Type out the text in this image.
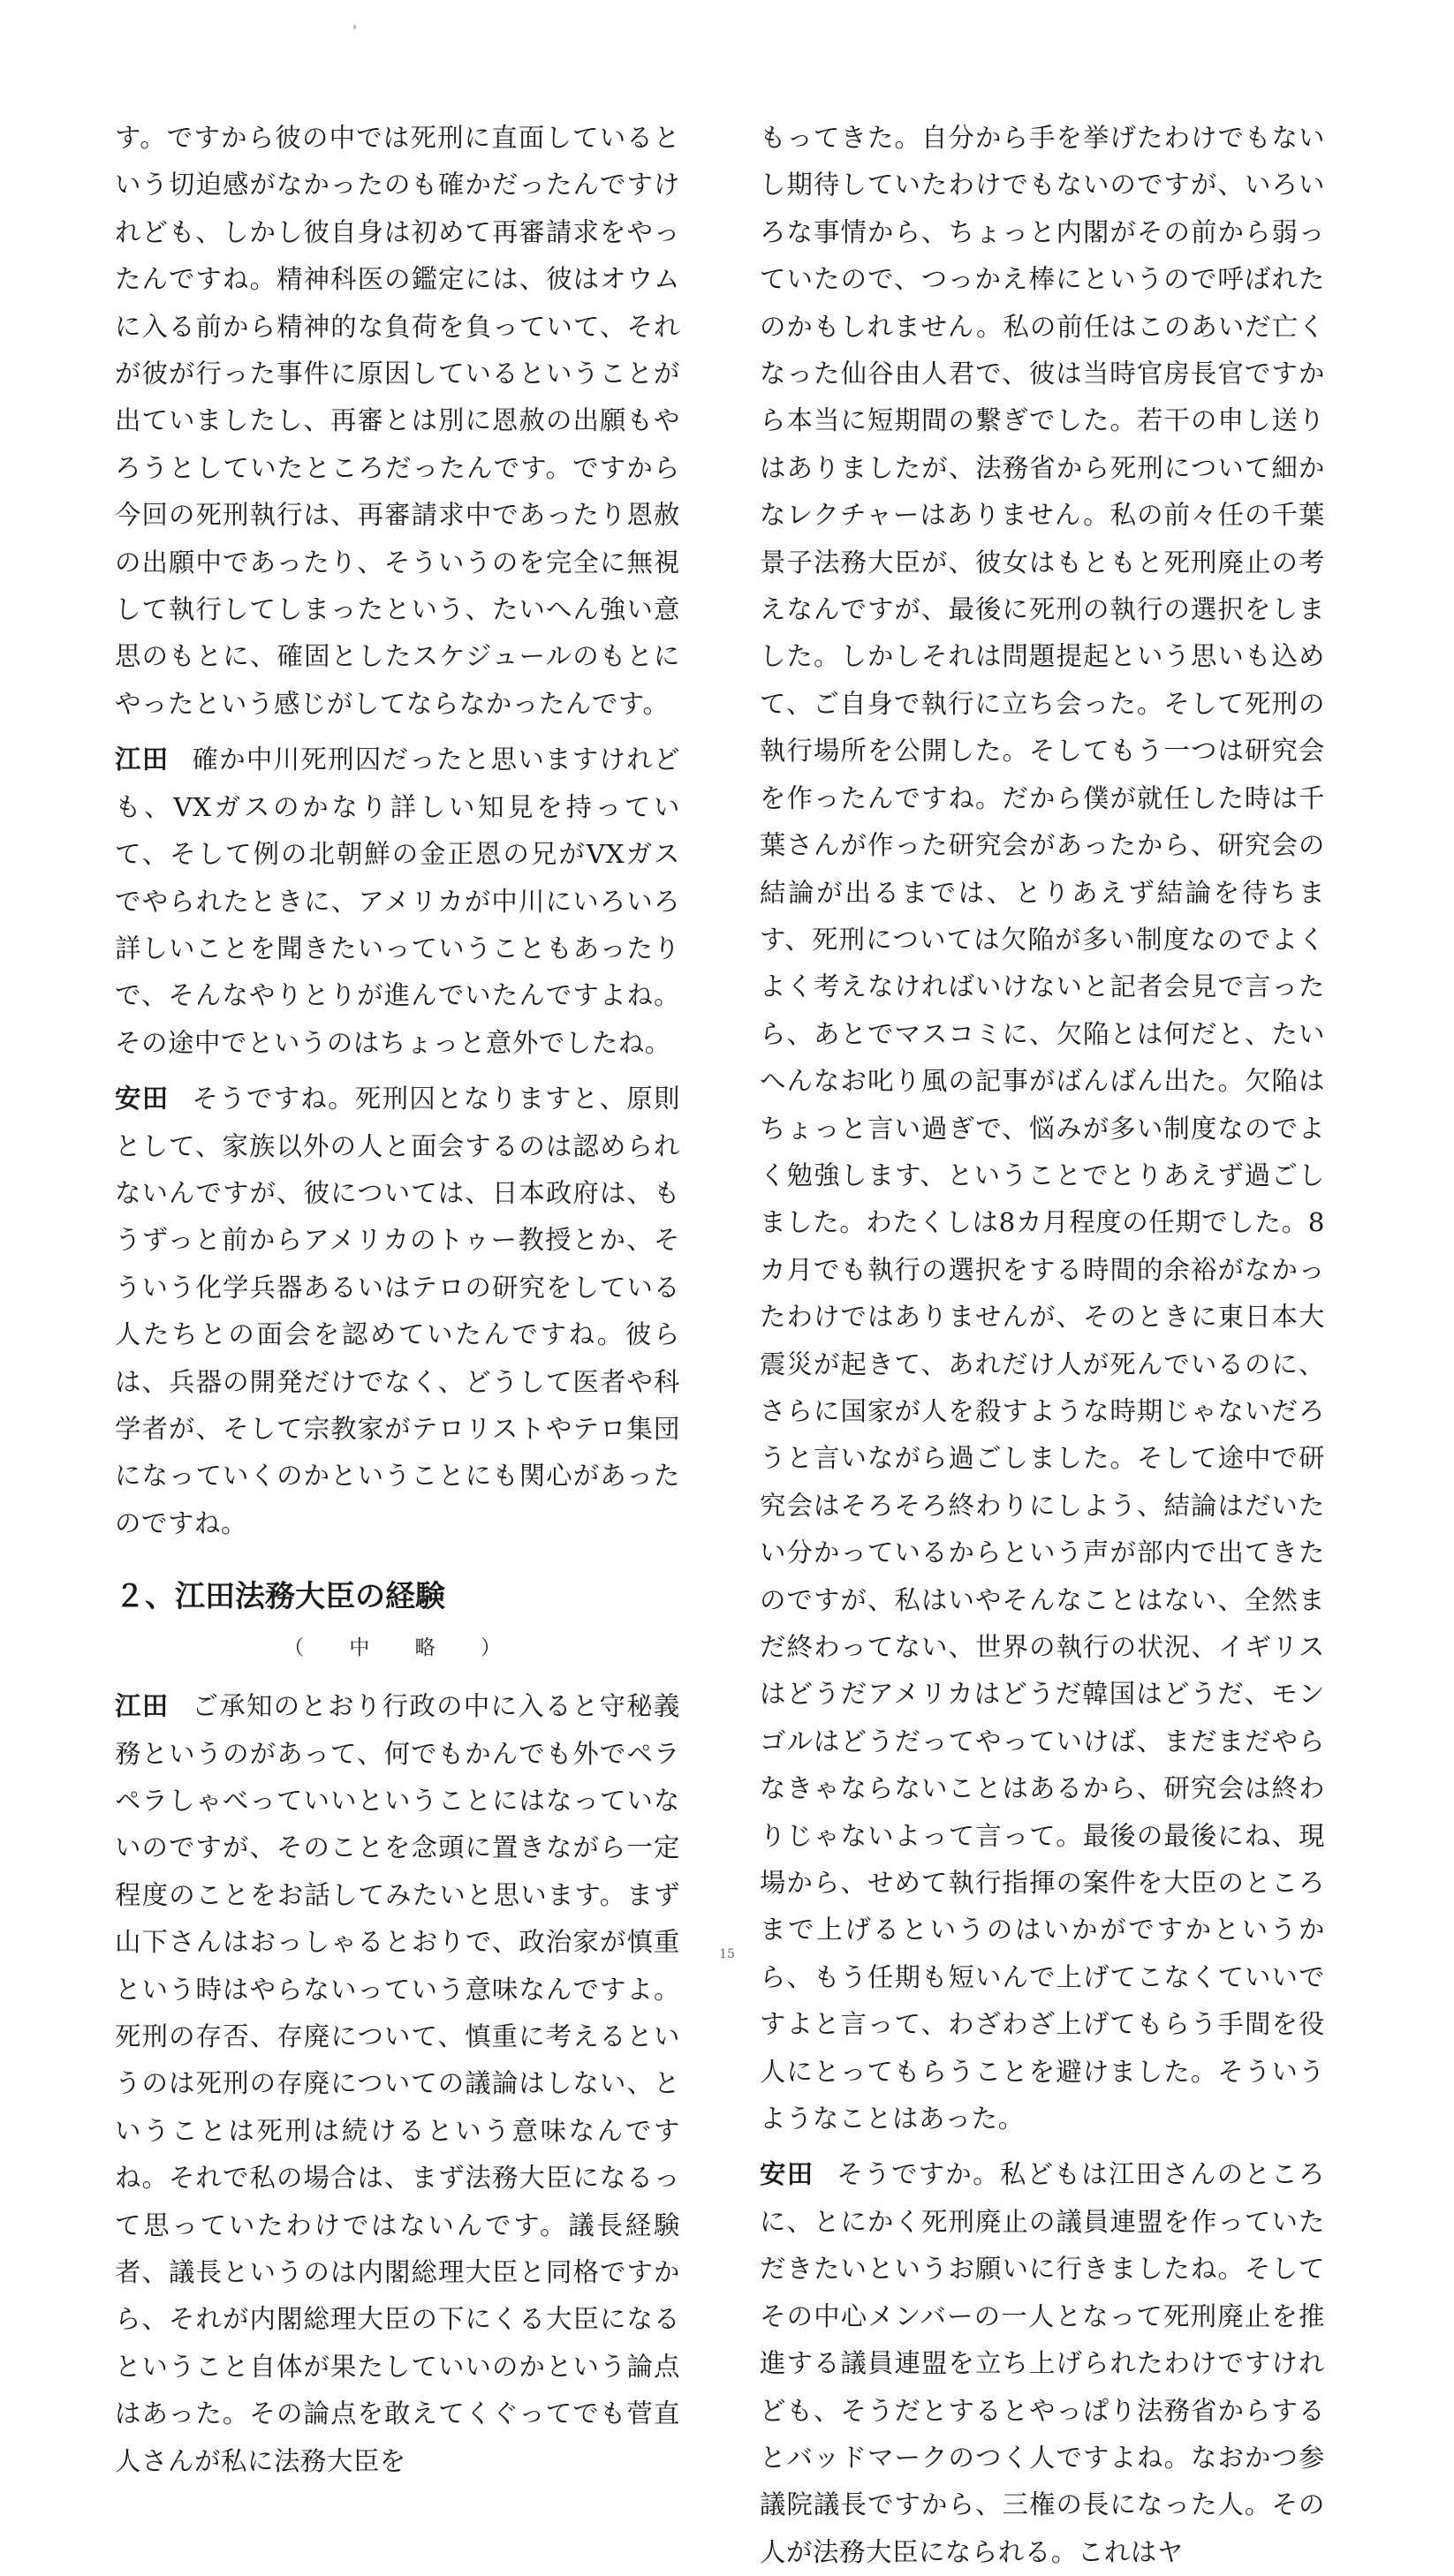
す。ですから彼の中では死刑に直面しているという切迫感がなかったのも確かだったんですけれども、しかし彼自身は初めて再審請求をやったんですね。精神科医の鑑定には、彼はオウムに入る前から精神的な負荷を負っていて、それが彼が行った事件に原因しているということが出ていましたし、再審とは別に恩赦の出願もやろうとしていたところだったんです。ですから今回の死刑執行は、再審請求中であったり恩赦の出願中であったり、そういうのを完全に無視して執行してしまったという、たいへん強い意思のもとに、確固としたスケジュールのもとにやったという感じがしてならなかったんです。

江田 確か中川死刑囚だったと思いますけれども、VXガスのかなり詳しい知見を持っていて、そして例の北朝鮮の金正恩の兄がVXガスでやられたときに、アメリカが中川にいろいろ詳しいことを聞きたいっていうこともあったりで、そんなやりとりが進んでいたんですよね。その途中でというのはちょっと意外でしたね。

安田 そうですね。死刑囚となりますと、原則として、家族以外の人と面会するのは認められないんですが、彼については、日本政府は、もうずっと前からアメリカのトゥー教授とか、そういう化学兵器あるいはテロの研究をしている人たちとの面会を認めていたんですね。彼らは、兵器の開発だけでなく、どうして医者や科学者が、そして宗教家がテロリストやテロ集団になっていくのかということにも関心があったのですね。

２、江田法務大臣の経験
（ 中 略 ）

江田 ご承知のとおり行政の中に入ると守秘義務というのがあって、何でもかんでも外でペラペラしゃべっていいということにはなっていないのですが、そのことを念頭に置きながら一定程度のことをお話してみたいと思います。まず山下さんはおっしゃるとおりで、政治家が慎重という時はやらないっていう意味なんですよ。死刑の存否、存廃について、慎重に考えるというのは死刑の存廃についての議論はしない、ということは死刑は続けるという意味なんですね。それで私の場合は、まず法務大臣になるって思っていたわけではないんです。議長経験者、議長というのは内閣総理大臣と同格ですから、それが内閣総理大臣の下にくる大臣になるということ自体が果たしていいのかという論点はあった。その論点を敢えてくぐってでも菅直人さんが私に法務大臣を

もってきた。自分から手を挙げたわけでもないし期待していたわけでもないのですが、いろいろな事情から、ちょっと内閣がその前から弱っていたので、つっかえ棒にというので呼ばれたのかもしれません。私の前任はこのあいだ亡くなった仙谷由人君で、彼は当時官房長官ですから本当に短期間の繋ぎでした。若干の申し送りはありましたが、法務省から死刑について細かなレクチャーはありません。私の前々任の千葉景子法務大臣が、彼女はもともと死刑廃止の考えなんですが、最後に死刑の執行の選択をしました。しかしそれは問題提起という思いも込めて、ご自身で執行に立ち会った。そして死刑の執行場所を公開した。そしてもう一つは研究会を作ったんですね。だから僕が就任した時は千葉さんが作った研究会があったから、研究会の結論が出るまでは、とりあえず結論を待ちます、死刑については欠陥が多い制度なのでよくよく考えなければいけないと記者会見で言ったら、あとでマスコミに、欠陥とは何だと、たいへんなお叱り風の記事がばんばん出た。欠陥はちょっと言い過ぎで、悩みが多い制度なのでよく勉強します、ということでとりあえず過ごしました。わたくしは8カ月程度の任期でした。8カ月でも執行の選択をする時間的余裕がなかったわけではありませんが、そのときに東日本大震災が起きて、あれだけ人が死んでいるのに、さらに国家が人を殺すような時期じゃないだろうと言いながら過ごしました。そして途中で研究会はそろそろ終わりにしよう、結論はだいたい分かっているからという声が部内で出てきたのですが、私はいやそんなことはない、全然まだ終わってない、世界の執行の状況、イギリスはどうだアメリカはどうだ韓国はどうだ、モンゴルはどうだってやっていけば、まだまだやらなきゃならないことはあるから、研究会は終わりじゃないよって言って。最後の最後にね、現場から、せめて執行指揮の案件を大臣のところまで上げるというのはいかがですかというから、もう任期も短いんで上げてこなくていいですよと言って、わざわざ上げてもらう手間を役人にとってもらうことを避けました。そういうようなことはあった。

安田 そうですか。私どもは江田さんのところに、とにかく死刑廃止の議員連盟を作っていただきたいというお願いに行きましたね。そしてその中心メンバーの一人となって死刑廃止を推進する議員連盟を立ち上げられたわけですけれども、そうだとするとやっぱり法務省からするとバッドマークのつく人ですよね。なおかつ参議院議長ですから、三権の長になった人。その人が法務大臣になられる。これはヤ

15
